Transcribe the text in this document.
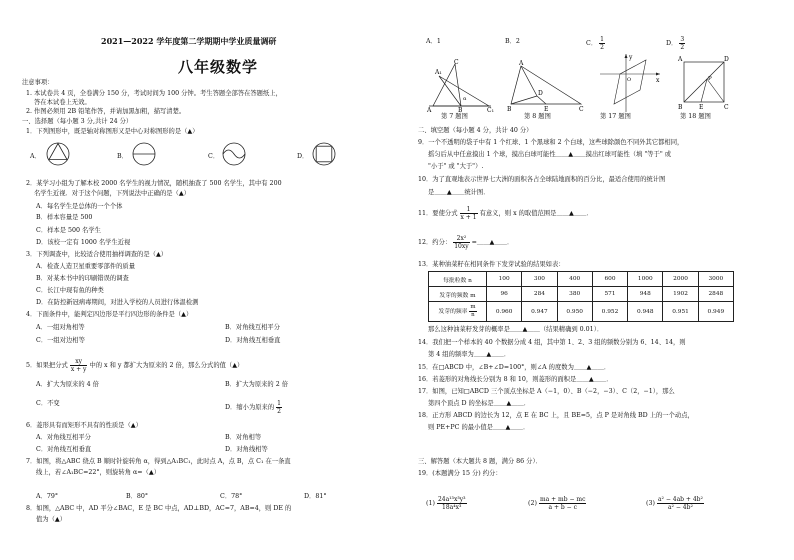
2021—2022 学年度第二学期期中学业质量调研
八年级数学
注意事项：
1. 本试卷共 4 页，全卷满分 150 分，考试时间为 100 分钟。考生答题全部答在答题纸上，
答在本试卷上无效。
2. 作图必须用 2B 铅笔作答，并请加黑加粗，描写清楚。
一、选择题（每小题 3 分,共计 24 分）
1．下列图形中，既是轴对称图形又是中心对称图形的是（▲）
A．	B．	C．	D．
2．某学习小组为了解本校 2000 名学生的视力情况，随机抽查了 500 名学生，其中有 200
名学生近视．对于这个问题，下列说法中正确的是（▲）
A．每名学生是总体的一个个体
B．样本容量是 500
C．样本是 500 名学生
D．该校一定有 1000 名学生近视
3．下列调查中，比较适合使用抽样调查的是（▲）
A．检查人造卫星重要零部件的质量
B．对某本书中的印刷错误的调查
C．长江中现有鱼的种类
D．在防控新冠病毒期间，对进入学校的人员进行体温检测
4．下面条件中，能判定四边形是平行四边形的条件是（▲）
A．一组对角相等	B．对角线互相平分
C．一组对边相等	D．对角线互相垂直
5．如果把分式 $\frac{xy}{x + y}$ 中的 x 和 y 都扩大为原来的 2 倍，那么分式的值（▲）
A．扩大为原来的 4 倍	B．扩大为原来的 2 倍
C．不变
D．缩小为原来的 $\frac{1}{2}$
6．菱形具有而矩形不具有的性质是（▲）
A．对角线互相平分	B．对角相等
C．对角线互相垂直	D．对角线相等
7．如图，将△ABC 绕点 B 顺时针旋转角 α，得到△A₁BC₁，此时点 A，点 B，点 C₁ 在一条直
线上，若∠A₁BC=22°，则旋转角 α=（▲）
A．79°	B．80°	C．78°	D．81°
8．如图，△ABC 中，AD 平分∠BAC，E 是 BC 中点，AD⊥BD，AC=7，AB=4，则 DE 的
值为（▲）
A．1	B．2	C． $\frac{1}{2}$	D． $\frac{3}{2}$
A₁
C
α
A	B	C₁
第 7 题图
A
D
B	E	C
第 8 题图
y
x
O
第 17 题图
A	D
P
B	E	C
第 18 题图
二、填空题（每小题 4 分，共计 40 分）
9．一个不透明的袋子中有 1 个红球、1 个黑球和 2 个白球，这些球除颜色不同外其它都相同，
摇匀后从中任意摸出 1 个球，摸出白球可能性＿＿▲＿＿摸出红球可能性（填 "等于" 或
"小于" 或 "大于"）.
10．为了直观地表示世界七大洲的面积各占全球陆地面积的百分比，最适合使用的统计图
是＿＿▲＿＿统计图．
11．要使分式 $\frac{1}{x + 1}$ 有意义，则 x 的取值范围是＿＿▲＿＿．
12．约分： $\frac{\text{2x²}}{10xy}$ =＿＿▲＿＿．
13．某种油菜籽在相同条件下发芽试验的结果如表：
每批粒数 n	100	300	400	600	1000	2000	3000
发芽的频数 m	96	284	380	571	948	1902	2848
发芽的频率 $\frac{m}{n}$	0.960	0.947	0.950	0.952	0.948	0.951	0.949
那么这种油菜籽发芽的概率是＿＿▲＿＿（结果精确到 0.01）．
14．我们把一个样本的 40 个数据分成 4 组，其中第 1、2、3 组的频数分别为 6、14、14，则
第 4 组的频率为＿＿▲＿＿．
15．在□ABCD 中，∠B+∠D=100°，则∠A 的度数为＿＿▲＿＿．
16．若菱形的对角线长分别为 8 和 10，则菱形的面积是＿＿▲＿＿．
17．如图，已知□ABCD 三个顶点坐标是 A（−1，0）、B（−2，−3）、C（2，−1），那么
第四个顶点 D 的坐标是＿＿▲＿＿．
18．正方形 ABCD 的边长为 12，点 E 在 BC 上，且 BE=5，点 P 是对角线 BD 上的一个动点，
则 PE+PC 的最小值是＿＿▲＿＿．
三、解答题（本大题共 8 题，满分 86 分）．
19．(本题满分 15 分) 约分：
$(1) \frac{\text{24a¹³x³y³}}{\text{18a⁴x³}}$	$(2) \frac{ma + mb - mc}{a + b - c}$	$(3) \frac{\text{a² − 4ab + 4b²}}{\text{a² − 4b²}}$
